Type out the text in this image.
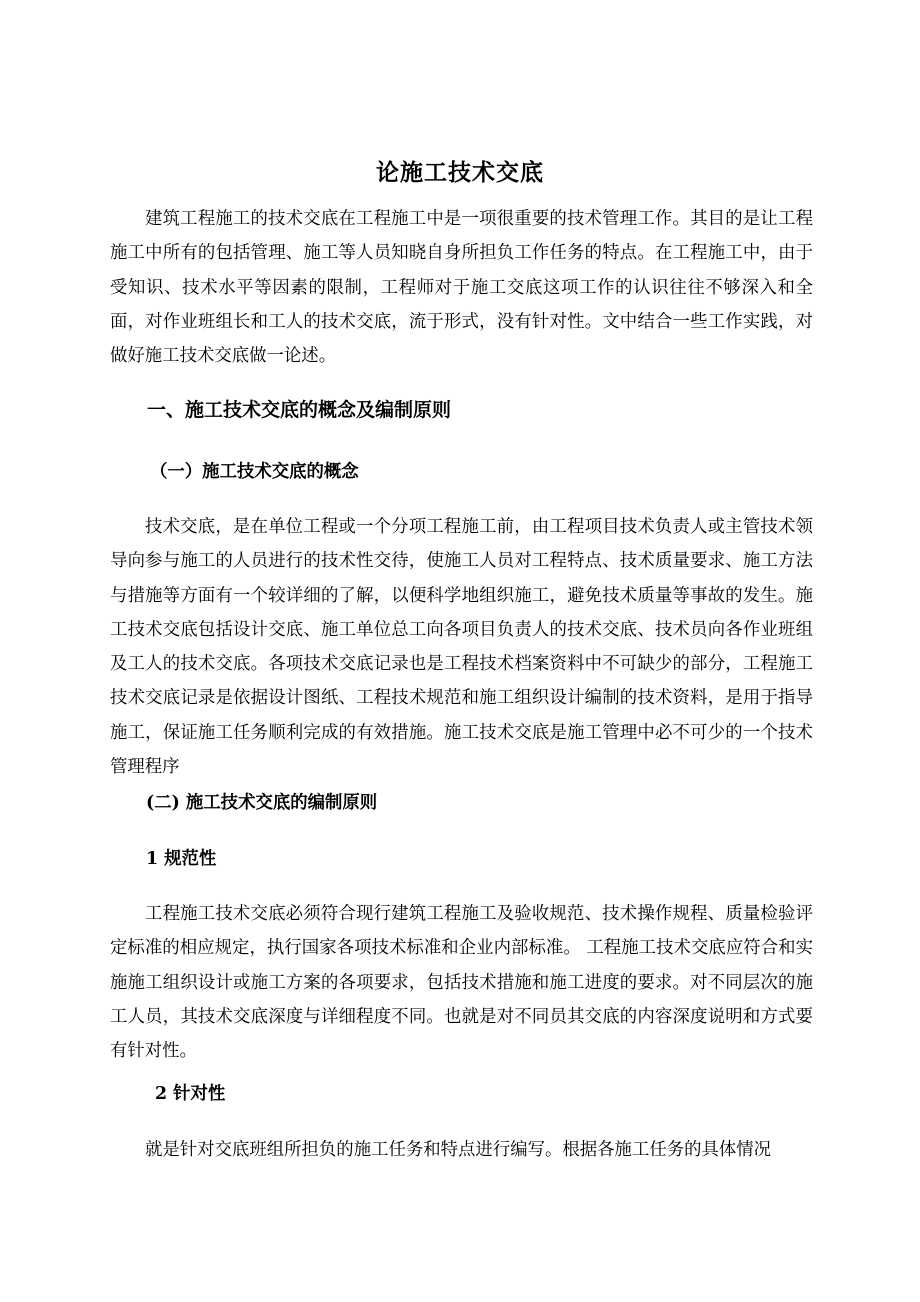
论施工技术交底

建筑工程施工的技术交底在工程施工中是一项很重要的技术管理工作。其目的是让工程施工中所有的包括管理、施工等人员知晓自身所担负工作任务的特点。在工程施工中，由于受知识、技术水平等因素的限制，工程师对于施工交底这项工作的认识往往不够深入和全面，对作业班组长和工人的技术交底，流于形式，没有针对性。文中结合一些工作实践，对做好施工技术交底做一论述。

一、施工技术交底的概念及编制原则
（一）施工技术交底的概念

技术交底，是在单位工程或一个分项工程施工前，由工程项目技术负责人或主管技术领导向参与施工的人员进行的技术性交待，使施工人员对工程特点、技术质量要求、施工方法与措施等方面有一个较详细的了解，以便科学地组织施工，避免技术质量等事故的发生。施工技术交底包括设计交底、施工单位总工向各项目负责人的技术交底、技术员向各作业班组及工人的技术交底。各项技术交底记录也是工程技术档案资料中不可缺少的部分，工程施工技术交底记录是依据设计图纸、工程技术规范和施工组织设计编制的技术资料，是用于指导施工，保证施工任务顺利完成的有效措施。施工技术交底是施工管理中必不可少的一个技术管理程序

(二) 施工技术交底的编制原则
1 规范性

工程施工技术交底必须符合现行建筑工程施工及验收规范、技术操作规程、质量检验评定标准的相应规定，执行国家各项技术标准和企业内部标准。 工程施工技术交底应符合和实施施工组织设计或施工方案的各项要求，包括技术措施和施工进度的要求。对不同层次的施工人员，其技术交底深度与详细程度不同。也就是对不同员其交底的内容深度说明和方式要有针对性。

2 针对性

就是针对交底班组所担负的施工任务和特点进行编写。根据各施工任务的具体情况
